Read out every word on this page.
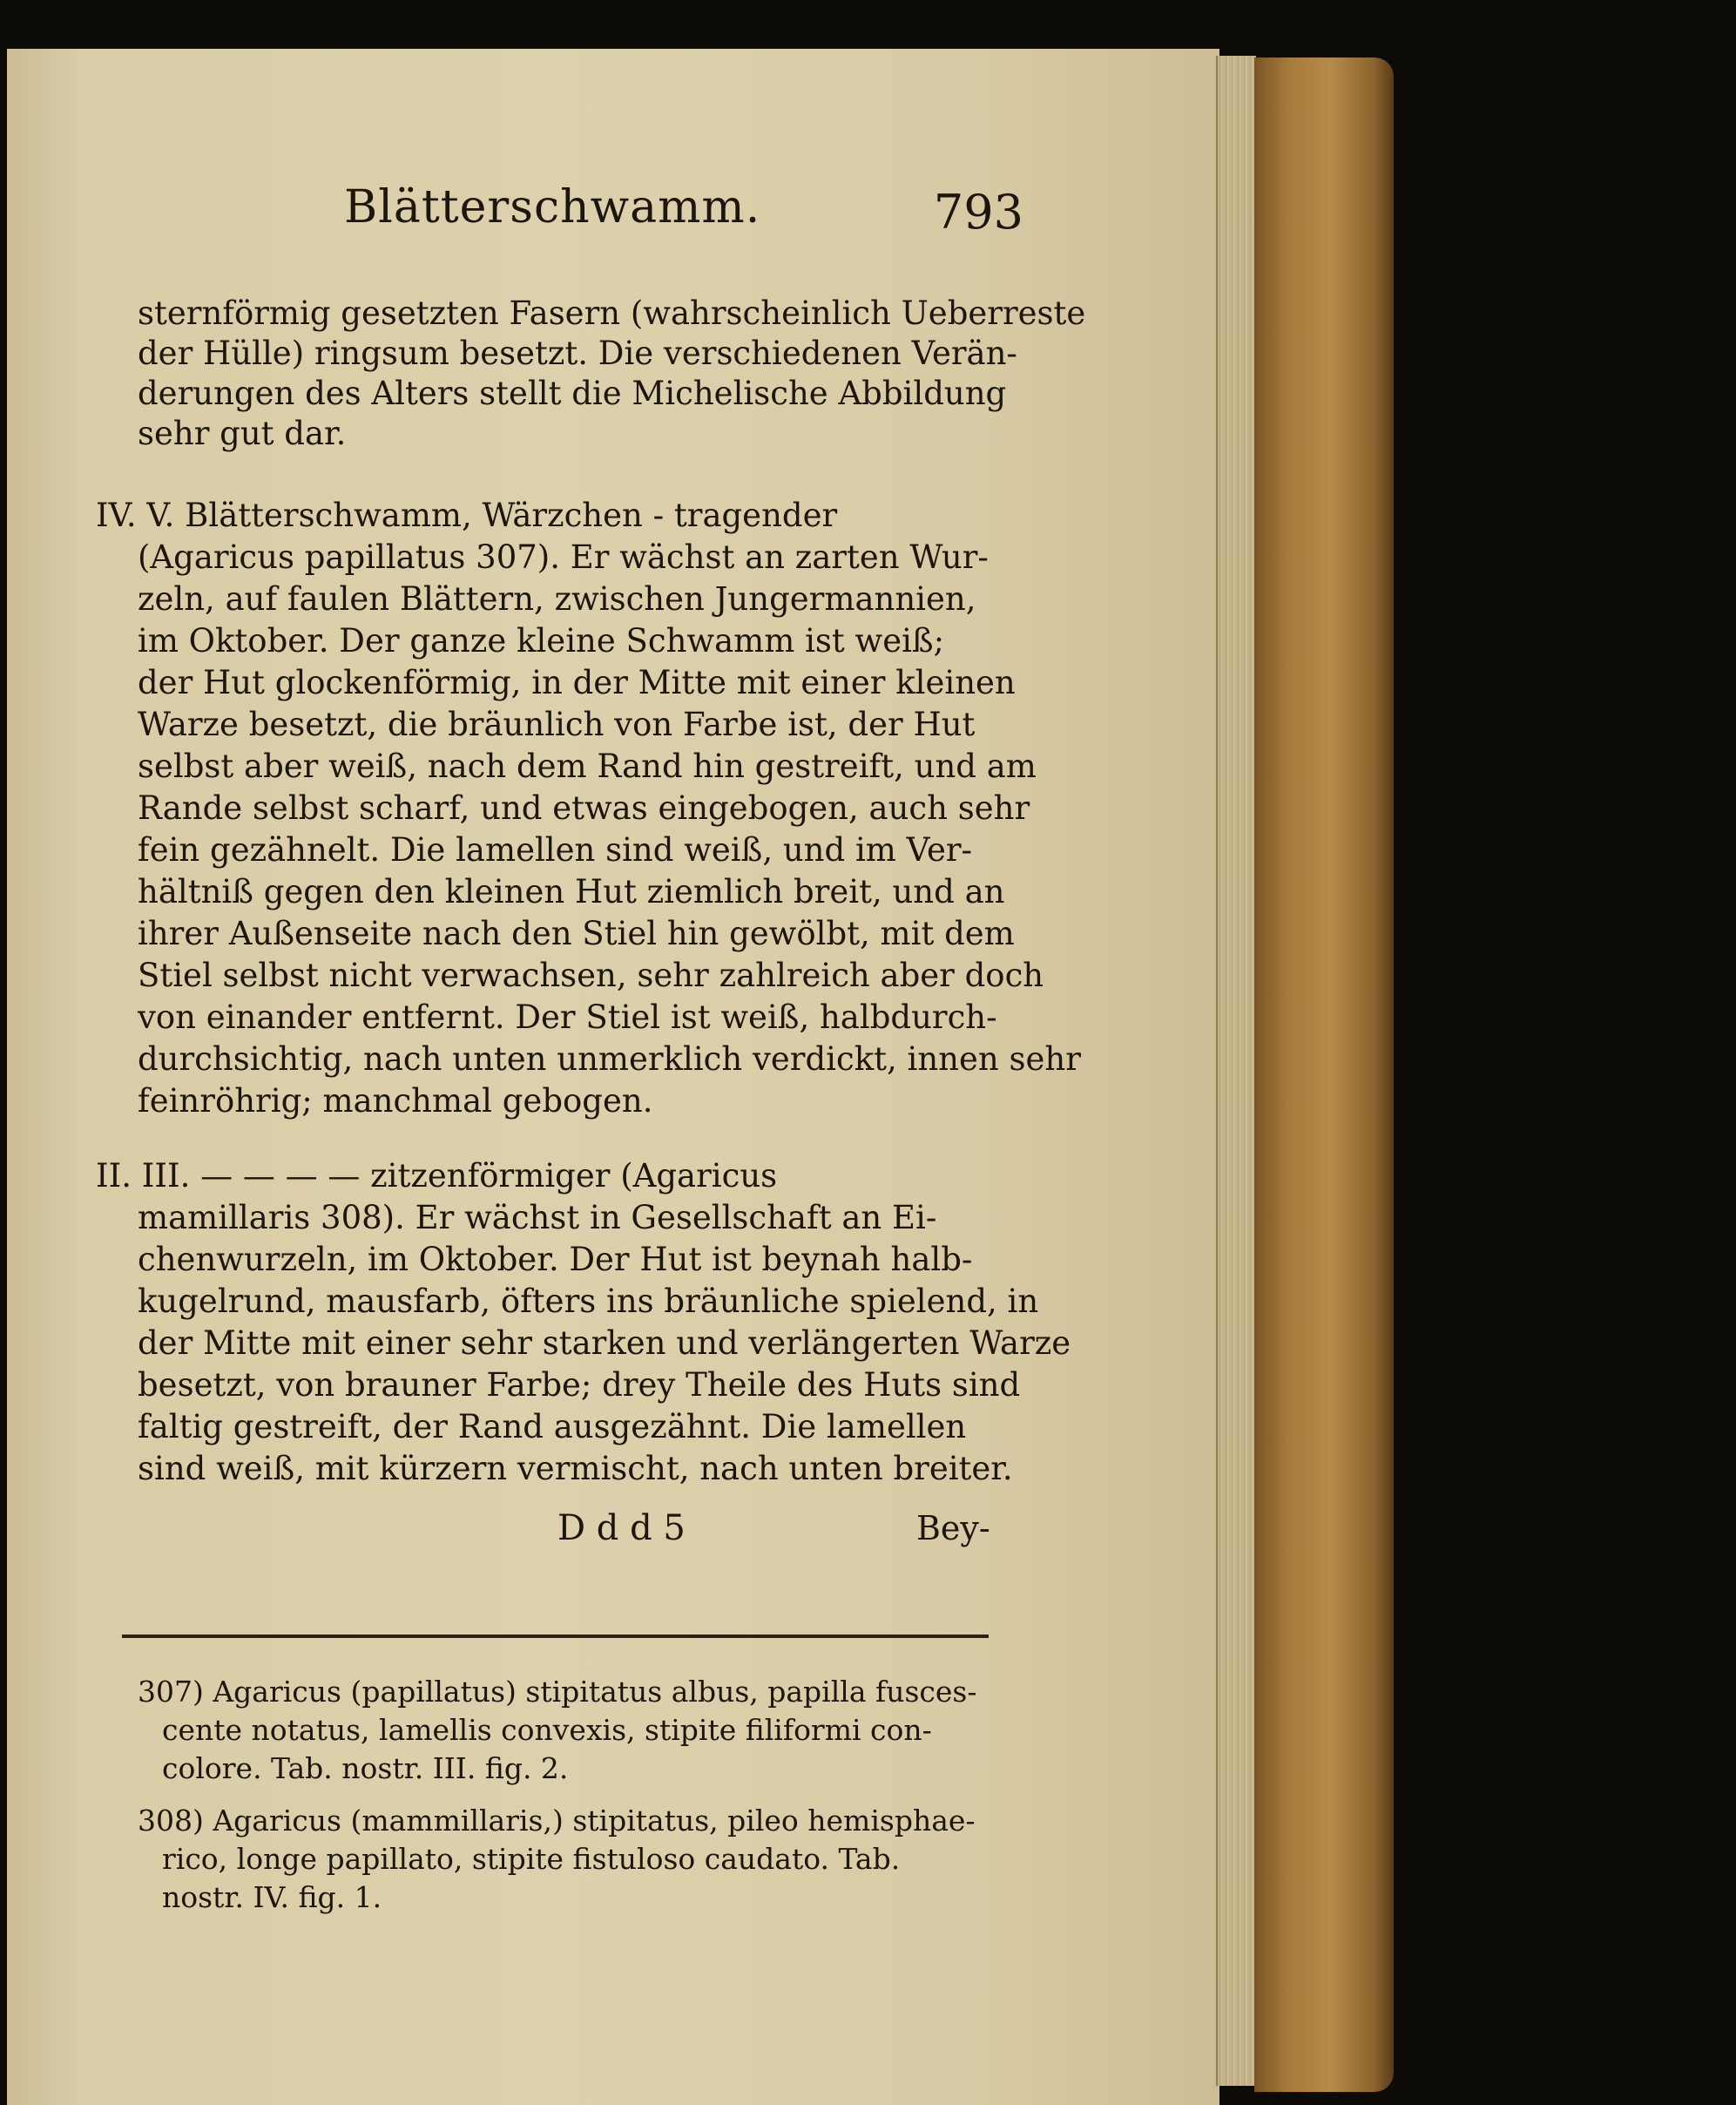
Blätterschwamm.	793
sternförmig gesetzten Fasern (wahrscheinlich Ueberreste
der Hülle) ringsum besetzt. Die verschiedenen Verän-
derungen des Alters stellt die Michelische Abbildung
sehr gut dar.
IV. V. Blätterschwamm, Wärzchen - tragender
(Agaricus papillatus 307). Er wächst an zarten Wur-
zeln, auf faulen Blättern, zwischen Jungermannien,
im Oktober. Der ganze kleine Schwamm ist weiß;
der Hut glockenförmig, in der Mitte mit einer kleinen
Warze besetzt, die bräunlich von Farbe ist, der Hut
selbst aber weiß, nach dem Rand hin gestreift, und am
Rande selbst scharf, und etwas eingebogen, auch sehr
fein gezähnelt. Die lamellen sind weiß, und im Ver-
hältniß gegen den kleinen Hut ziemlich breit, und an
ihrer Außenseite nach den Stiel hin gewölbt, mit dem
Stiel selbst nicht verwachsen, sehr zahlreich aber doch
von einander entfernt. Der Stiel ist weiß, halbdurch-
durchsichtig, nach unten unmerklich verdickt, innen sehr
feinröhrig; manchmal gebogen.
II. III. — — — — zitzenförmiger (Agaricus
mamillaris 308). Er wächst in Gesellschaft an Ei-
chenwurzeln, im Oktober. Der Hut ist beynah halb-
kugelrund, mausfarb, öfters ins bräunliche spielend, in
der Mitte mit einer sehr starken und verlängerten Warze
besetzt, von brauner Farbe; drey Theile des Huts sind
faltig gestreift, der Rand ausgezähnt. Die lamellen
sind weiß, mit kürzern vermischt, nach unten breiter.
D d d 5	Bey-
307) Agaricus (papillatus) stipitatus albus, papilla fusces-
cente notatus, lamellis convexis, stipite filiformi con-
colore. Tab. nostr. III. fig. 2.
308) Agaricus (mammillaris,) stipitatus, pileo hemisphae-
rico, longe papillato, stipite fistuloso caudato. Tab.
nostr. IV. fig. 1.
